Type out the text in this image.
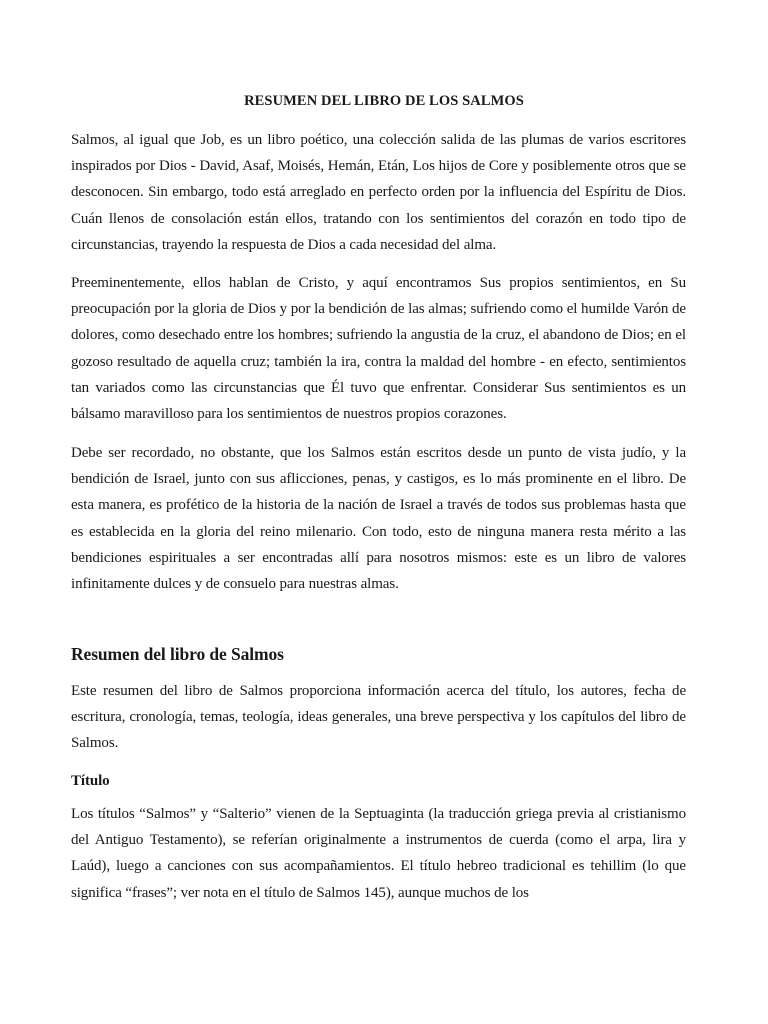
RESUMEN DEL LIBRO DE LOS SALMOS

Salmos, al igual que Job, es un libro poético, una colección salida de las plumas de varios escritores inspirados por Dios - David, Asaf, Moisés, Hemán, Etán, Los hijos de Core y posiblemente otros que se desconocen. Sin embargo, todo está arreglado en perfecto orden por la influencia del Espíritu de Dios. Cuán llenos de consolación están ellos, tratando con los sentimientos del corazón en todo tipo de circunstancias, trayendo la respuesta de Dios a cada necesidad del alma.

Preeminentemente, ellos hablan de Cristo, y aquí encontramos Sus propios sentimientos, en Su preocupación por la gloria de Dios y por la bendición de las almas; sufriendo como el humilde Varón de dolores, como desechado entre los hombres; sufriendo la angustia de la cruz, el abandono de Dios; en el gozoso resultado de aquella cruz; también la ira, contra la maldad del hombre - en efecto, sentimientos tan variados como las circunstancias que Él tuvo que enfrentar. Considerar Sus sentimientos es un bálsamo maravilloso para los sentimientos de nuestros propios corazones.

Debe ser recordado, no obstante, que los Salmos están escritos desde un punto de vista judío, y la bendición de Israel, junto con sus aflicciones, penas, y castigos, es lo más prominente en el libro. De esta manera, es profético de la historia de la nación de Israel a través de todos sus problemas hasta que es establecida en la gloria del reino milenario. Con todo, esto de ninguna manera resta mérito a las bendiciones espirituales a ser encontradas allí para nosotros mismos: este es un libro de valores infinitamente dulces y de consuelo para nuestras almas.

Resumen del libro de Salmos

Este resumen del libro de Salmos proporciona información acerca del título, los autores, fecha de escritura, cronología, temas, teología, ideas generales, una breve perspectiva y los capítulos del libro de Salmos.

Título

Los títulos “Salmos” y “Salterio” vienen de la Septuaginta (la traducción griega previa al cristianismo del Antiguo Testamento), se referían originalmente a instrumentos de cuerda (como el arpa, lira y Laúd), luego a canciones con sus acompañamientos. El título hebreo tradicional es tehillim (lo que significa “frases”; ver nota en el título de Salmos 145), aunque muchos de los
